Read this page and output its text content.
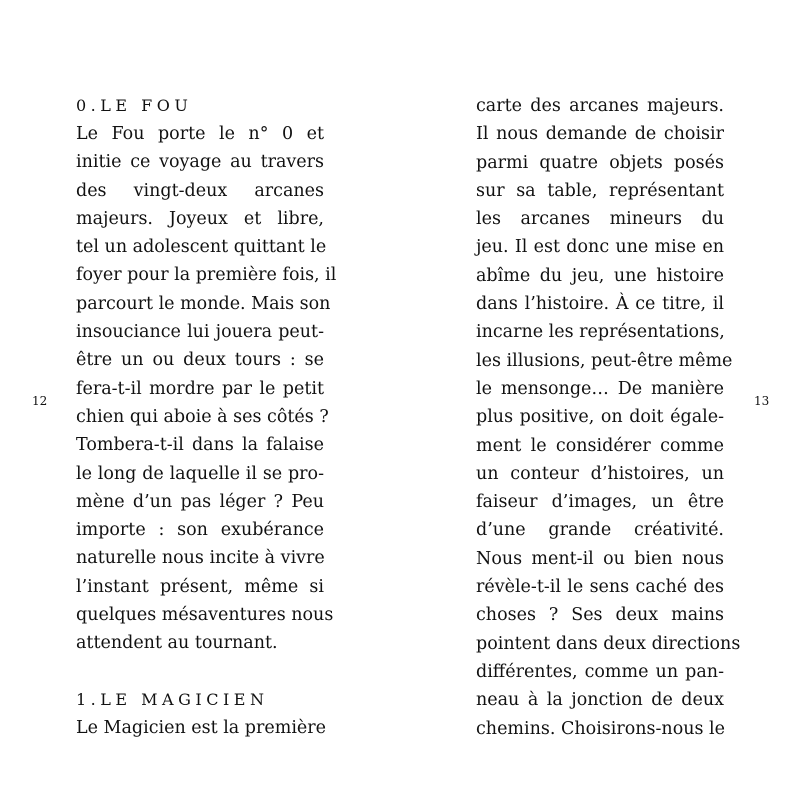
0.LE FOU
Le Fou porte le n° 0 et
initie ce voyage au travers
des vingt-deux arcanes
majeurs. Joyeux et libre,
tel un adolescent quittant le
foyer pour la première fois, il
parcourt le monde. Mais son
insouciance lui jouera peut-
être un ou deux tours : se
fera-t-il mordre par le petit
chien qui aboie à ses côtés ?
Tombera-t-il dans la falaise
le long de laquelle il se pro-
mène d’un pas léger ? Peu
importe : son exubérance
naturelle nous incite à vivre
l’instant présent, même si
quelques mésaventures nous
attendent au tournant.
1.LE MAGICIEN
Le Magicien est la première
carte des arcanes majeurs.
Il nous demande de choisir
parmi quatre objets posés
sur sa table, représentant
les arcanes mineurs du
jeu. Il est donc une mise en
abîme du jeu, une histoire
dans l’histoire. À ce titre, il
incarne les représentations,
les illusions, peut-être même
le mensonge… De manière
plus positive, on doit égale-
ment le considérer comme
un conteur d’histoires, un
faiseur d’images, un être
d’une grande créativité.
Nous ment-il ou bien nous
révèle-t-il le sens caché des
choses ? Ses deux mains
pointent dans deux directions
différentes, comme un pan-
neau à la jonction de deux
chemins. Choisirons-nous le
12	13
